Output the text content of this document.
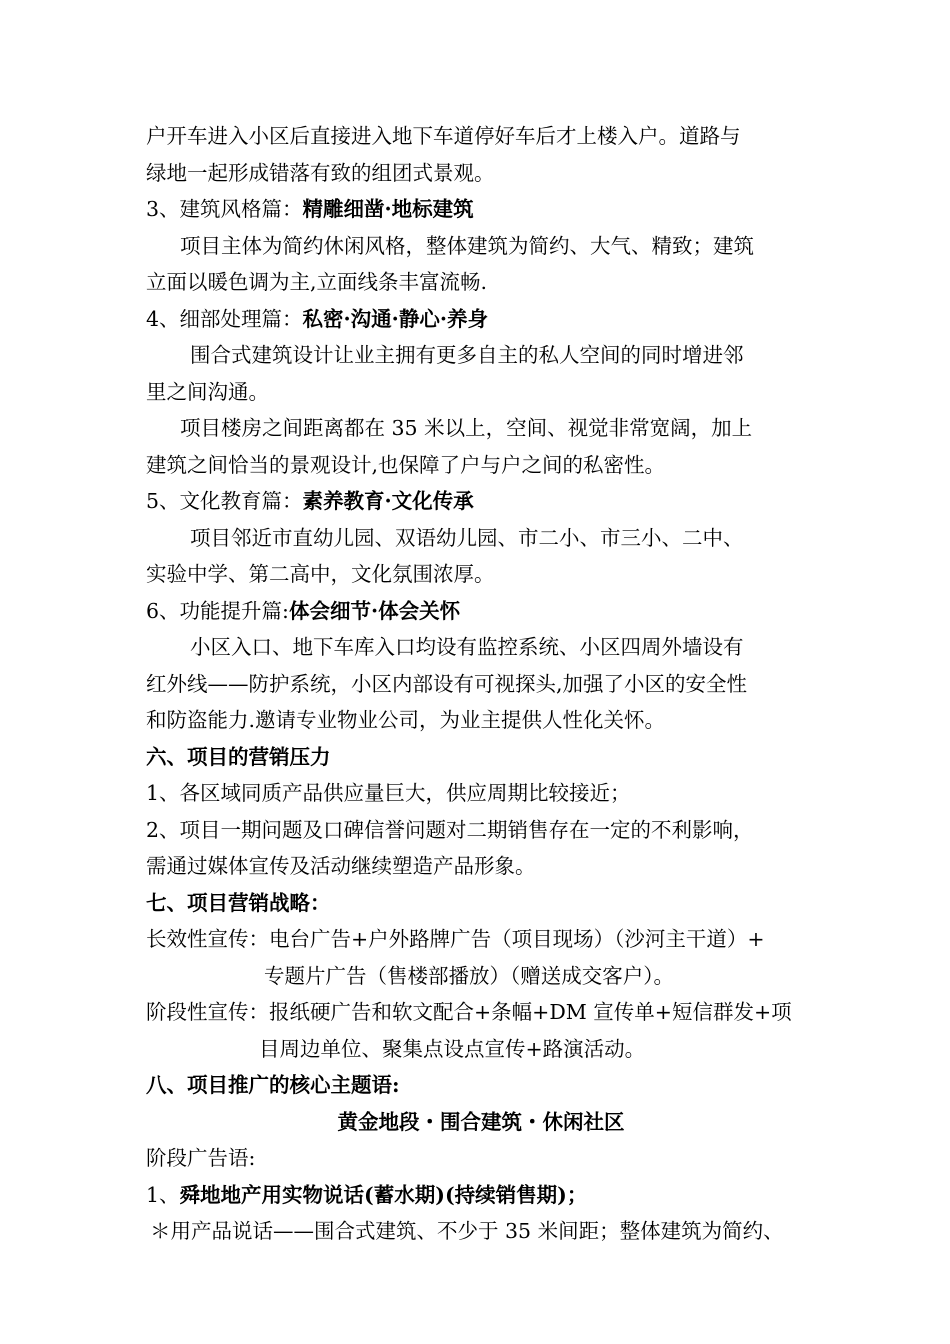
户开车进入小区后直接进入地下车道停好车后才上楼入户。道路与
绿地一起形成错落有致的组团式景观。
3、建筑风格篇：精雕细凿·地标建筑
项目主体为简约休闲风格，整体建筑为简约、大气、精致；建筑
立面以暖色调为主,立面线条丰富流畅.
4、细部处理篇：私密·沟通·静心·养身
围合式建筑设计让业主拥有更多自主的私人空间的同时增进邻
里之间沟通。
项目楼房之间距离都在 35 米以上，空间、视觉非常宽阔，加上
建筑之间恰当的景观设计,也保障了户与户之间的私密性。
5、文化教育篇：素养教育·文化传承
项目邻近市直幼儿园、双语幼儿园、市二小、市三小、二中、
实验中学、第二高中，文化氛围浓厚。
6、功能提升篇:体会细节·体会关怀
小区入口、地下车库入口均设有监控系统、小区四周外墙设有
红外线——防护系统，小区内部设有可视探头,加强了小区的安全性
和防盗能力.邀请专业物业公司，为业主提供人性化关怀。
六、项目的营销压力
1、各区域同质产品供应量巨大，供应周期比较接近；
2、项目一期问题及口碑信誉问题对二期销售存在一定的不利影响，
需通过媒体宣传及活动继续塑造产品形象。
七、项目营销战略：
长效性宣传：电台广告+户外路牌广告（项目现场）（沙河主干道）+
专题片广告（售楼部播放）（赠送成交客户）。
阶段性宣传：报纸硬广告和软文配合+条幅+DM 宣传单+短信群发+项
目周边单位、聚集点设点宣传+路演活动。
八、项目推广的核心主题语:
黄金地段・围合建筑・休闲社区
阶段广告语:
1、舜地地产用实物说话(蓄水期)(持续销售期)；
＊用产品说话——围合式建筑、不少于 35 米间距；整体建筑为简约、
